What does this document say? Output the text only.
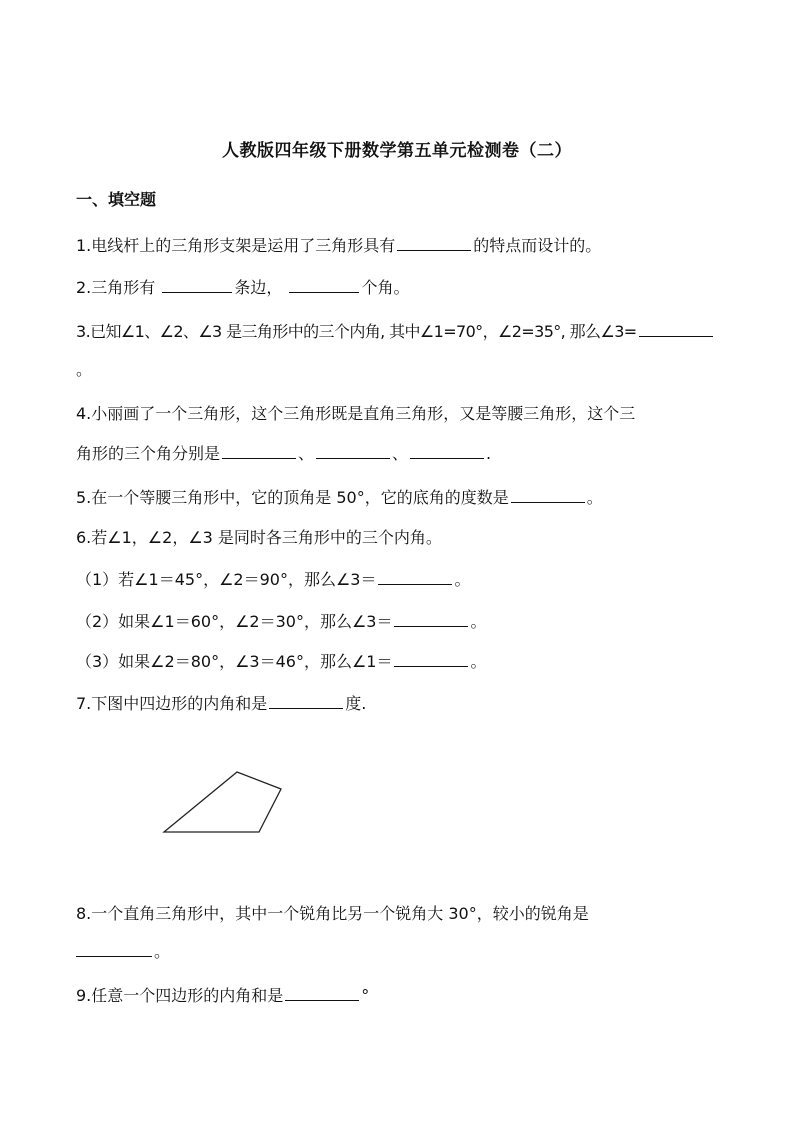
人教版四年级下册数学第五单元检测卷（二）
一、填空题
1.电线杆上的三角形支架是运用了三角形具有	的特点而设计的。
2.三角形有	条边，	个角。
3.已知∠1、∠2、∠3 是三角形中的三个内角, 其中∠1=70°，∠2=35°, 那么∠3=
。
4.小丽画了一个三角形，这个三角形既是直角三角形，又是等腰三角形，这个三
角形的三个角分别是	、	、	.
5.在一个等腰三角形中，它的顶角是 50°，它的底角的度数是	。
6.若∠1，∠2，∠3 是同时各三角形中的三个内角。
（1）若∠1＝45°，∠2＝90°，那么∠3＝	。
（2）如果∠1＝60°，∠2＝30°，那么∠3＝	。
（3）如果∠2＝80°，∠3＝46°，那么∠1＝	。
7.下图中四边形的内角和是	度.
8.一个直角三角形中，其中一个锐角比另一个锐角大 30°，较小的锐角是
。
9.任意一个四边形的内角和是	°
